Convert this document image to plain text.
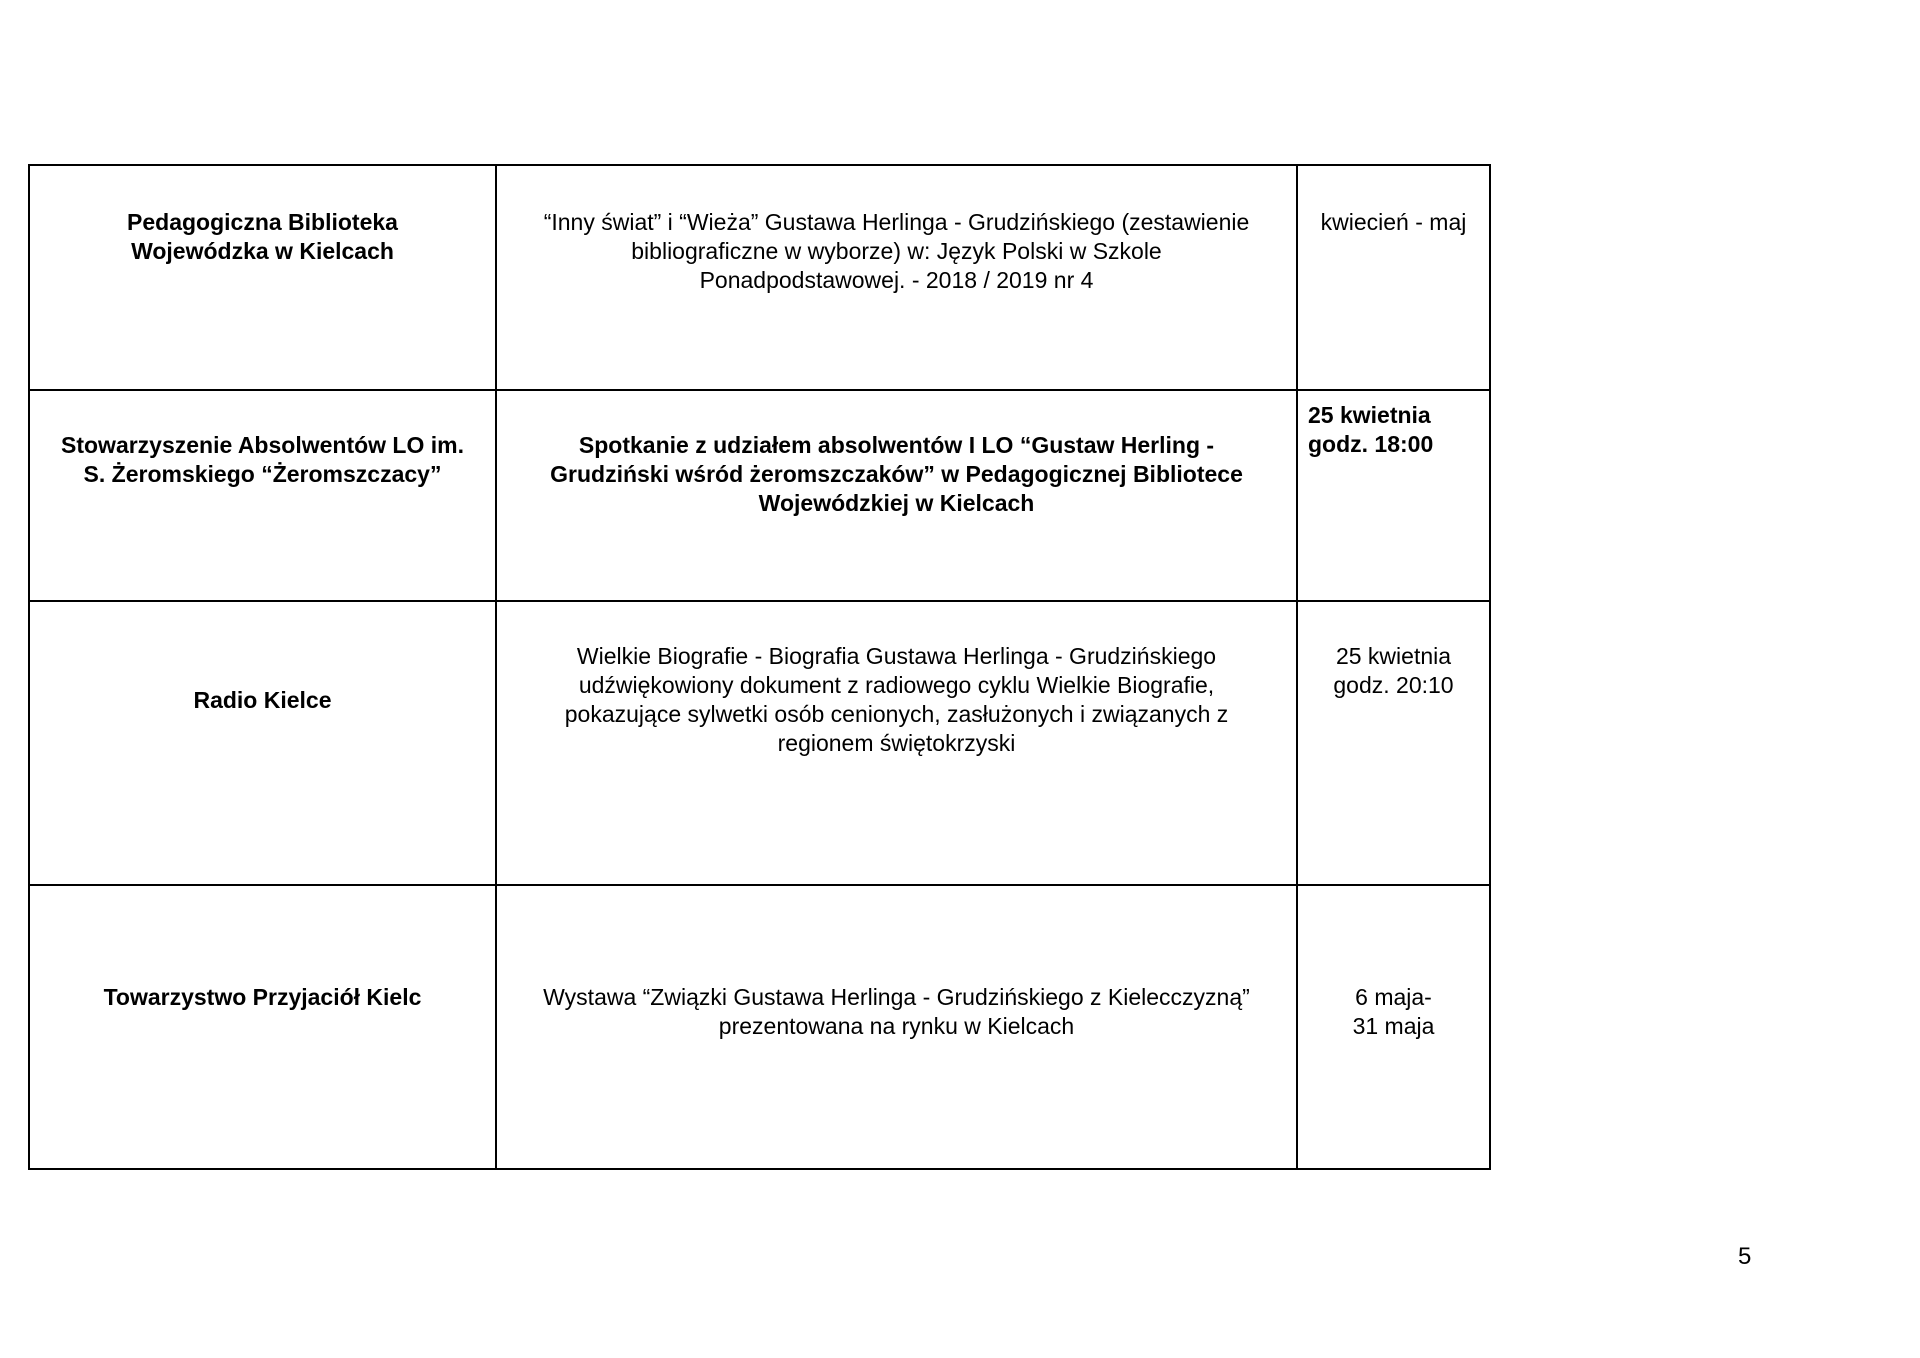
Pedagogiczna Biblioteka
Wojewódzka w Kielcach	“Inny świat” i “Wieża” Gustawa Herlinga - Grudzińskiego (zestawienie
bibliograficzne w wyborze) w: Język Polski w Szkole
Ponadpodstawowej. - 2018 / 2019 nr 4	kwiecień - maj

Stowarzyszenie Absolwentów LO im.
S. Żeromskiego “Żeromszczacy”	Spotkanie z udziałem absolwentów I LO “Gustaw Herling -
Grudziński wśród żeromszczaków” w Pedagogicznej Bibliotece
Wojewódzkiej w Kielcach	25 kwietnia
godz. 18:00

Radio Kielce	Wielkie Biografie - Biografia Gustawa Herlinga - Grudzińskiego
udźwiękowiony dokument z radiowego cyklu Wielkie Biografie,
pokazujące sylwetki osób cenionych, zasłużonych i związanych z
regionem świętokrzyski	25 kwietnia
godz. 20:10

Towarzystwo Przyjaciół Kielc	Wystawa “Związki Gustawa Herlinga - Grudzińskiego z Kielecczyzną”
prezentowana na rynku w Kielcach	6 maja-
31 maja
5
